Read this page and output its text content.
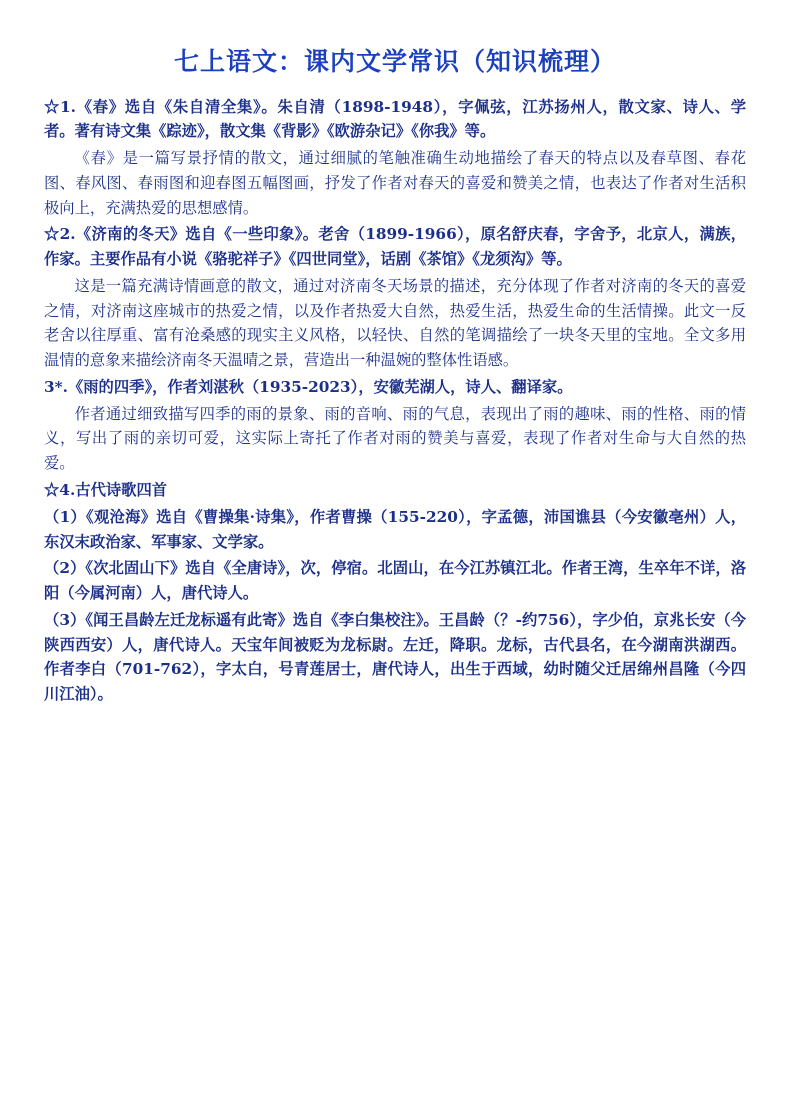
七上语文：课内文学常识（知识梳理）

☆1.《春》选自《朱自清全集》。朱自清（1898-1948），字佩弦，江苏扬州人，散文家、诗人、学者。著有诗文集《踪迹》，散文集《背影》《欧游杂记》《你我》等。

《春》是一篇写景抒情的散文，通过细腻的笔触准确生动地描绘了春天的特点以及春草图、春花图、春风图、春雨图和迎春图五幅图画，抒发了作者对春天的喜爱和赞美之情，也表达了作者对生活积极向上，充满热爱的思想感情。

☆2.《济南的冬天》选自《一些印象》。老舍（1899-1966），原名舒庆春，字舍予，北京人，满族，作家。主要作品有小说《骆驼祥子》《四世同堂》，话剧《茶馆》《龙须沟》等。

这是一篇充满诗情画意的散文，通过对济南冬天场景的描述，充分体现了作者对济南的冬天的喜爱之情，对济南这座城市的热爱之情，以及作者热爱大自然，热爱生活，热爱生命的生活情操。此文一反老舍以往厚重、富有沧桑感的现实主义风格，以轻快、自然的笔调描绘了一块冬天里的宝地。全文多用温情的意象来描绘济南冬天温晴之景，营造出一种温婉的整体性语感。

3*.《雨的四季》，作者刘湛秋（1935-2023），安徽芜湖人，诗人、翻译家。

作者通过细致描写四季的雨的景象、雨的音响、雨的气息，表现出了雨的趣味、雨的性格、雨的情义，写出了雨的亲切可爱，这实际上寄托了作者对雨的赞美与喜爱，表现了作者对生命与大自然的热爱。

☆4.古代诗歌四首

（1）《观沧海》选自《曹操集·诗集》，作者曹操（155-220），字孟德，沛国谯县（今安徽亳州）人，东汉末政治家、军事家、文学家。

（2）《次北固山下》选自《全唐诗》，次，停宿。北固山，在今江苏镇江北。作者王湾，生卒年不详，洛阳（今属河南）人，唐代诗人。

（3）《闻王昌龄左迁龙标遥有此寄》选自《李白集校注》。王昌龄（？-约756），字少伯，京兆长安（今陕西西安）人，唐代诗人。天宝年间被贬为龙标尉。左迁，降职。龙标，古代县名，在今湖南洪湖西。作者李白（701-762），字太白，号青莲居士，唐代诗人，出生于西域，幼时随父迁居绵州昌隆（今四川江油）。
